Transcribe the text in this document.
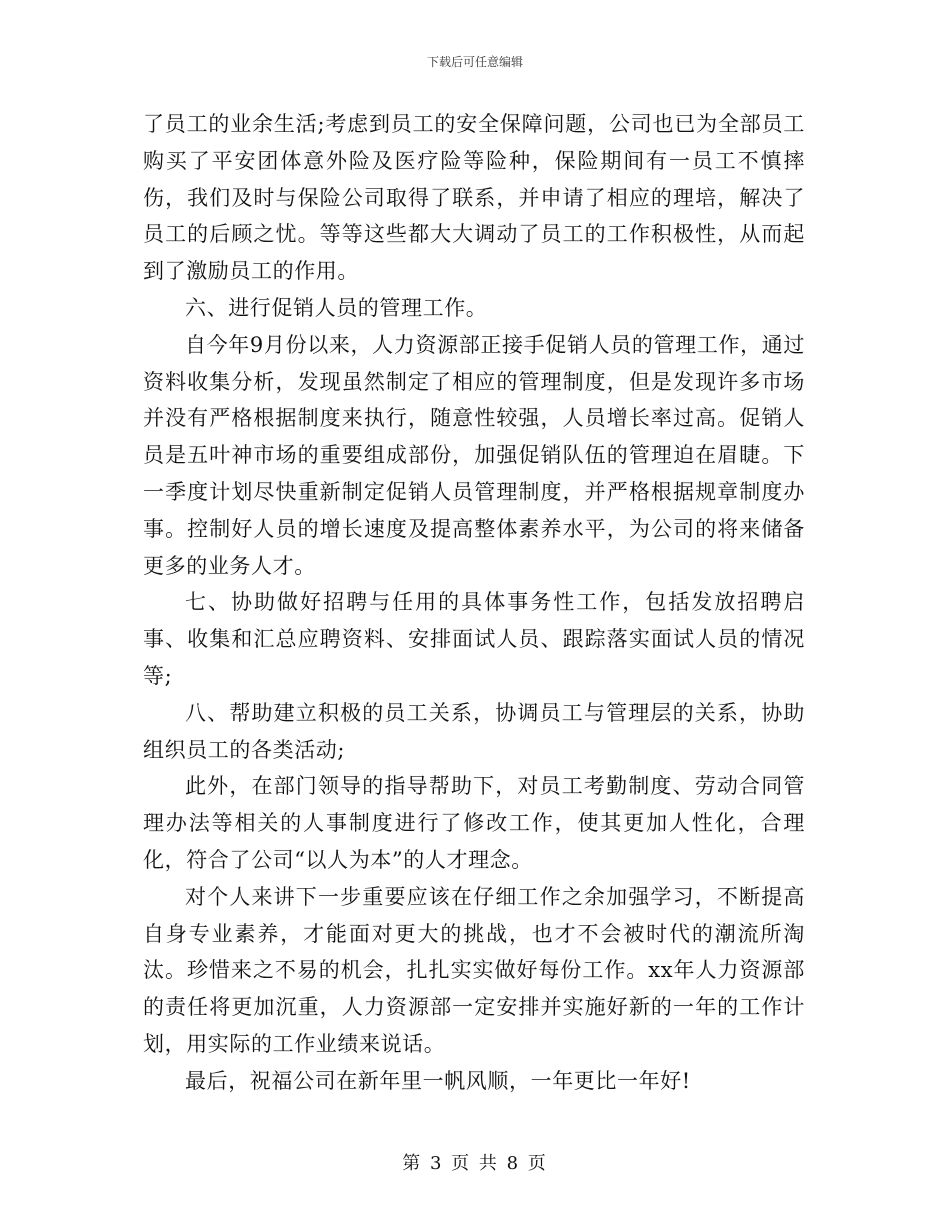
下载后可任意编辑

了员工的业余生活;考虑到员工的安全保障问题，公司也已为全部员工购买了平安团体意外险及医疗险等险种，保险期间有一员工不慎摔伤，我们及时与保险公司取得了联系，并申请了相应的理培，解决了员工的后顾之忧。等等这些都大大调动了员工的工作积极性，从而起到了激励员工的作用。

六、进行促销人员的管理工作。

自今年9月份以来，人力资源部正接手促销人员的管理工作，通过资料收集分析，发现虽然制定了相应的管理制度，但是发现许多市场并没有严格根据制度来执行，随意性较强，人员增长率过高。促销人员是五叶神市场的重要组成部份，加强促销队伍的管理迫在眉睫。下一季度计划尽快重新制定促销人员管理制度，并严格根据规章制度办事。控制好人员的增长速度及提高整体素养水平，为公司的将来储备更多的业务人才。

七、协助做好招聘与任用的具体事务性工作，包括发放招聘启事、收集和汇总应聘资料、安排面试人员、跟踪落实面试人员的情况等;

八、帮助建立积极的员工关系，协调员工与管理层的关系，协助组织员工的各类活动;

此外，在部门领导的指导帮助下，对员工考勤制度、劳动合同管理办法等相关的人事制度进行了修改工作，使其更加人性化，合理化，符合了公司“以人为本”的人才理念。

对个人来讲下一步重要应该在仔细工作之余加强学习，不断提高自身专业素养，才能面对更大的挑战，也才不会被时代的潮流所淘汰。珍惜来之不易的机会，扎扎实实做好每份工作。xx年人力资源部的责任将更加沉重，人力资源部一定安排并实施好新的一年的工作计划，用实际的工作业绩来说话。

最后，祝福公司在新年里一帆风顺，一年更比一年好!

第 3 页 共 8 页
